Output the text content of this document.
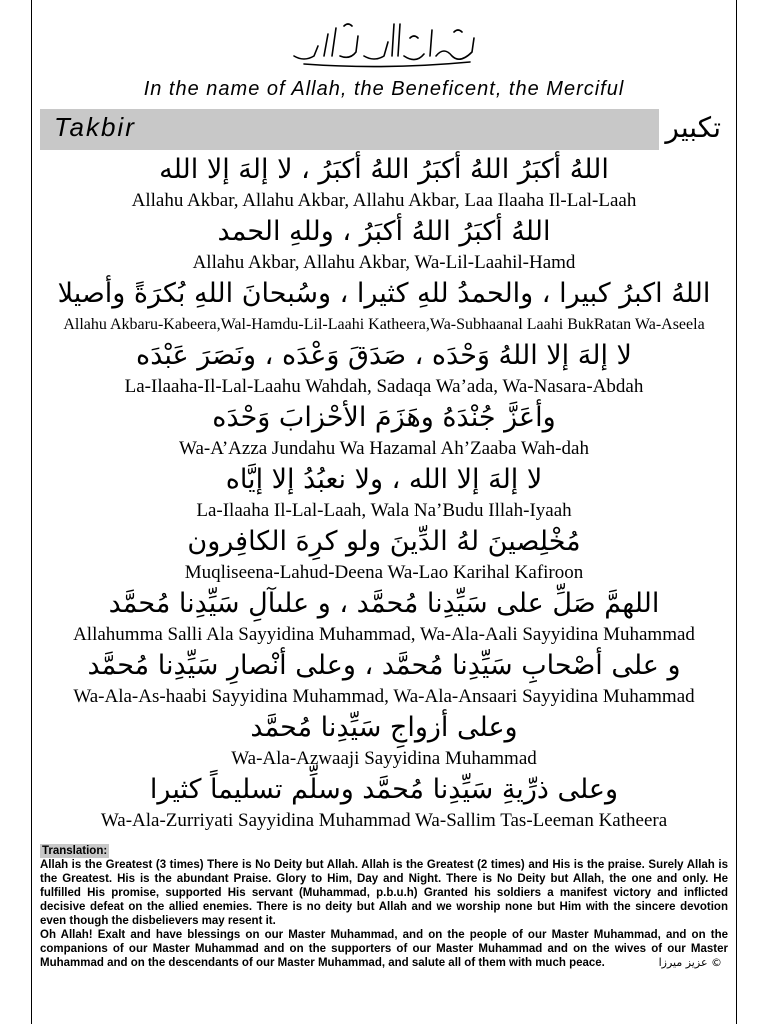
In the name of Allah, the Beneficent, the Merciful
Takbir	تكبير
اللهُ أكبَرُ اللهُ أكبَرُ اللهُ أكبَرُ ، لا إلهَ إلا الله
Allahu Akbar, Allahu Akbar, Allahu Akbar, Laa Ilaaha Il-Lal-Laah
اللهُ أكبَرُ اللهُ أكبَرُ ، وللهِ الحمد
Allahu Akbar, Allahu Akbar, Wa-Lil-Laahil-Hamd
اللهُ اكبرُ كبيرا ، والحمدُ للهِ كثيرا ، وسُبحانَ اللهِ بُكرَةً وأصيلا
Allahu Akbaru-Kabeera,Wal-Hamdu-Lil-Laahi Katheera,Wa-Subhaanal Laahi BukRatan Wa-Aseela
لا إلهَ إلا اللهُ وَحْدَه ، صَدَقَ وَعْدَه ، ونَصَرَ عَبْدَه
La-Ilaaha-Il-Lal-Laahu Wahdah, Sadaqa Wa’ada, Wa-Nasara-Abdah
وأعَزَّ جُنْدَهُ وهَزَمَ الأحْزابَ وَحْدَه
Wa-A’Azza Jundahu Wa Hazamal Ah’Zaaba Wah-dah
لا إلهَ إلا الله ، ولا نعبُدُ إلا إيَّاه
La-Ilaaha Il-Lal-Laah, Wala Na’Budu Illah-Iyaah
مُخْلِصينَ لهُ الدِّينَ ولو كرِهَ الكافِرون
Muqliseena-Lahud-Deena Wa-Lao Karihal Kafiroon
اللهمَّ صَلِّ على سَيِّدِنا مُحمَّد ، و علىآلِ سَيِّدِنا مُحمَّد
Allahumma Salli Ala Sayyidina Muhammad, Wa-Ala-Aali Sayyidina Muhammad
و على أصْحابِ سَيِّدِنا مُحمَّد ، وعلى أنْصارِ سَيِّدِنا مُحمَّد
Wa-Ala-As-haabi Sayyidina Muhammad, Wa-Ala-Ansaari Sayyidina Muhammad
وعلى أزواجِ سَيِّدِنا مُحمَّد
Wa-Ala-Azwaaji Sayyidina Muhammad
وعلى ذرِّيةِ سَيِّدِنا مُحمَّد وسلِّم تسليماً كثيرا
Wa-Ala-Zurriyati Sayyidina Muhammad Wa-Sallim Tas-Leeman Katheera
Translation:

Allah is the Greatest (3 times) There is No Deity but Allah. Allah is the Greatest (2 times) and His is the praise. Surely Allah is the Greatest. His is the abundant Praise. Glory to Him, Day and Night. There is No Deity but Allah, the one and only. He fulfilled His promise, supported His servant (Muhammad, p.b.u.h) Granted his soldiers a manifest victory and inflicted decisive defeat on the allied enemies. There is no deity but Allah and we worship none but Him with the sincere devotion even though the disbelievers may resent it.

Oh Allah! Exalt and have blessings on our Master Muhammad, and on the people of our Master Muhammad, and on the companions of our Master Muhammad and on the supporters of our Master Muhammad and on the wives of our Master Muhammad and on the descendants of our Master Muhammad, and salute all of them with much peace.	© عزيز ميرزا
